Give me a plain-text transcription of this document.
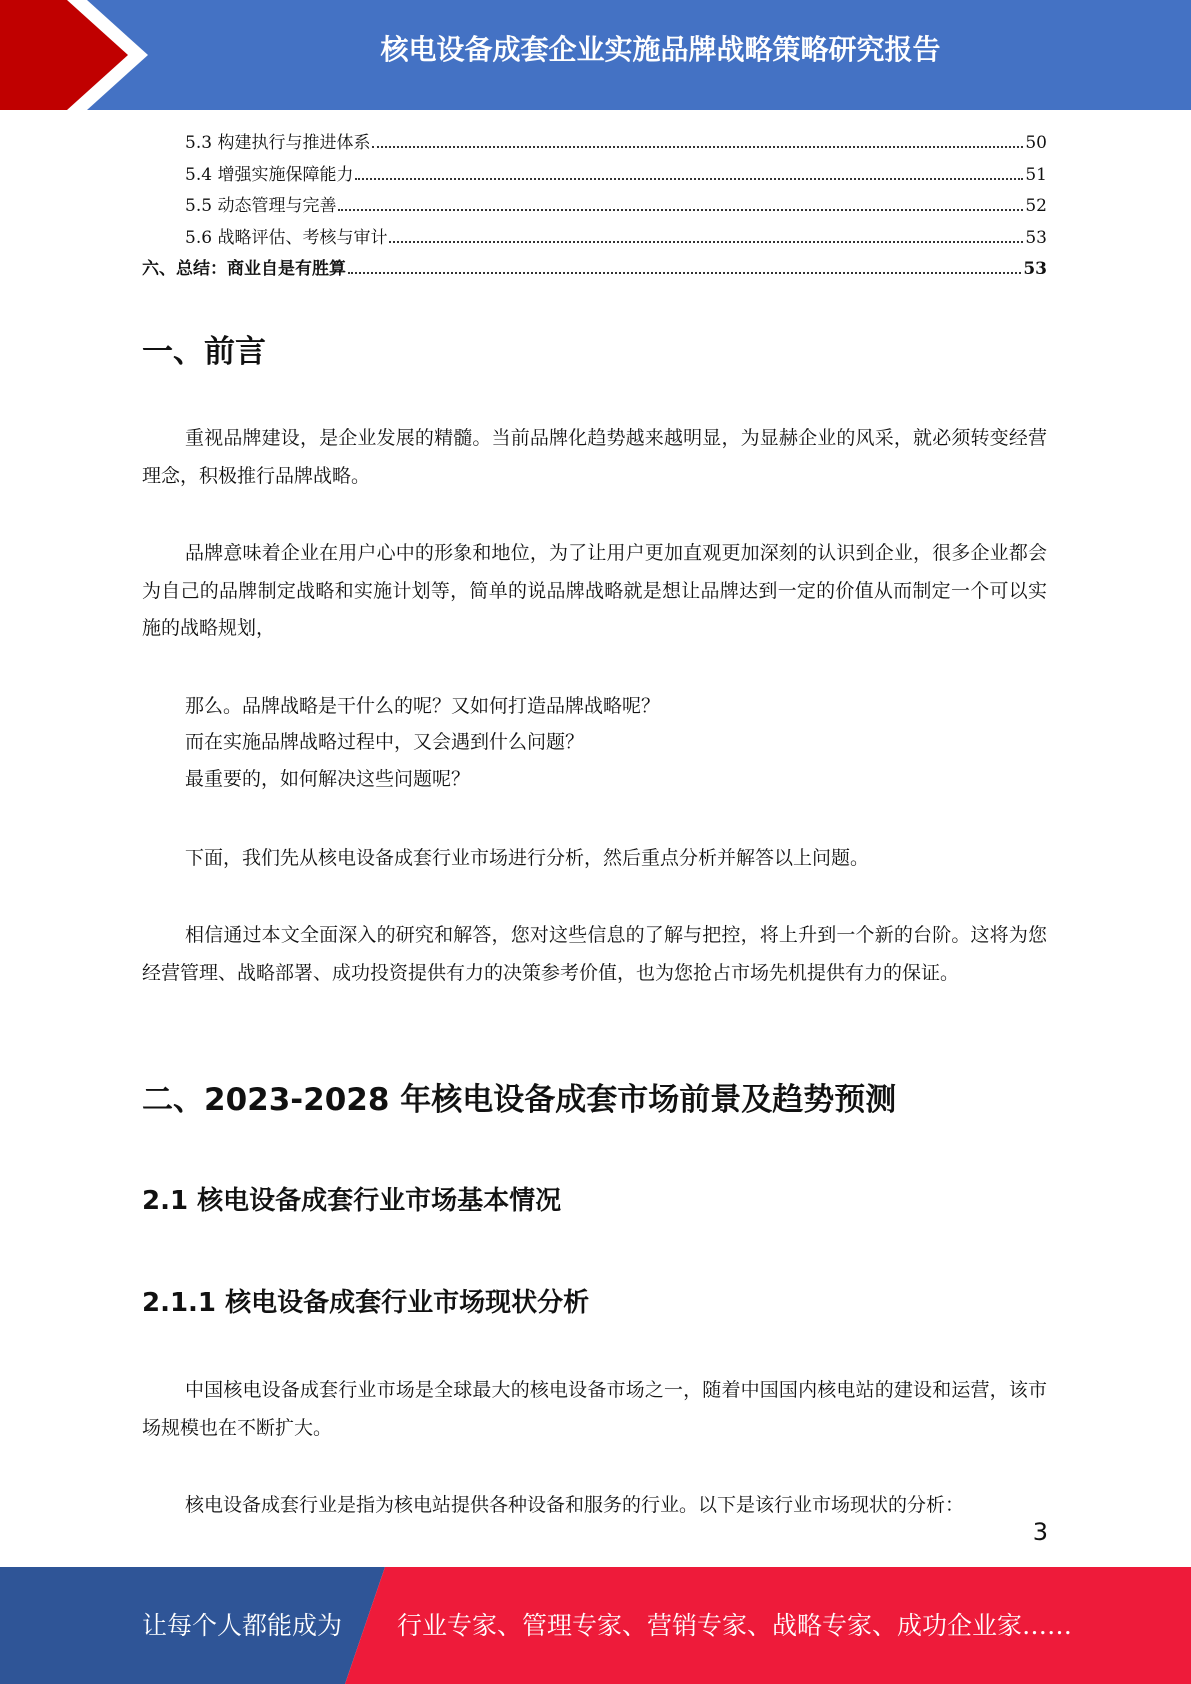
核电设备成套企业实施品牌战略策略研究报告
5.3 构建执行与推进体系	50
5.4 增强实施保障能力	51
5.5 动态管理与完善	52
5.6 战略评估、考核与审计	53
六、总结：商业自是有胜算	53
一、前言

重视品牌建设，是企业发展的精髓。当前品牌化趋势越来越明显，为显赫企业的风采，就必须转变经营理念，积极推行品牌战略。

品牌意味着企业在用户心中的形象和地位，为了让用户更加直观更加深刻的认识到企业，很多企业都会为自己的品牌制定战略和实施计划等，简单的说品牌战略就是想让品牌达到一定的价值从而制定一个可以实施的战略规划，

那么。品牌战略是干什么的呢？又如何打造品牌战略呢？

而在实施品牌战略过程中，又会遇到什么问题？

最重要的，如何解决这些问题呢？

下面，我们先从核电设备成套行业市场进行分析，然后重点分析并解答以上问题。

相信通过本文全面深入的研究和解答，您对这些信息的了解与把控，将上升到一个新的台阶。这将为您经营管理、战略部署、成功投资提供有力的决策参考价值，也为您抢占市场先机提供有力的保证。

二、2023-2028 年核电设备成套市场前景及趋势预测
2.1 核电设备成套行业市场基本情况
2.1.1 核电设备成套行业市场现状分析

中国核电设备成套行业市场是全球最大的核电设备市场之一，随着中国国内核电站的建设和运营，该市场规模也在不断扩大。

核电设备成套行业是指为核电站提供各种设备和服务的行业。以下是该行业市场现状的分析：

3
让每个人都能成为 行业专家、管理专家、营销专家、战略专家、成功企业家……
